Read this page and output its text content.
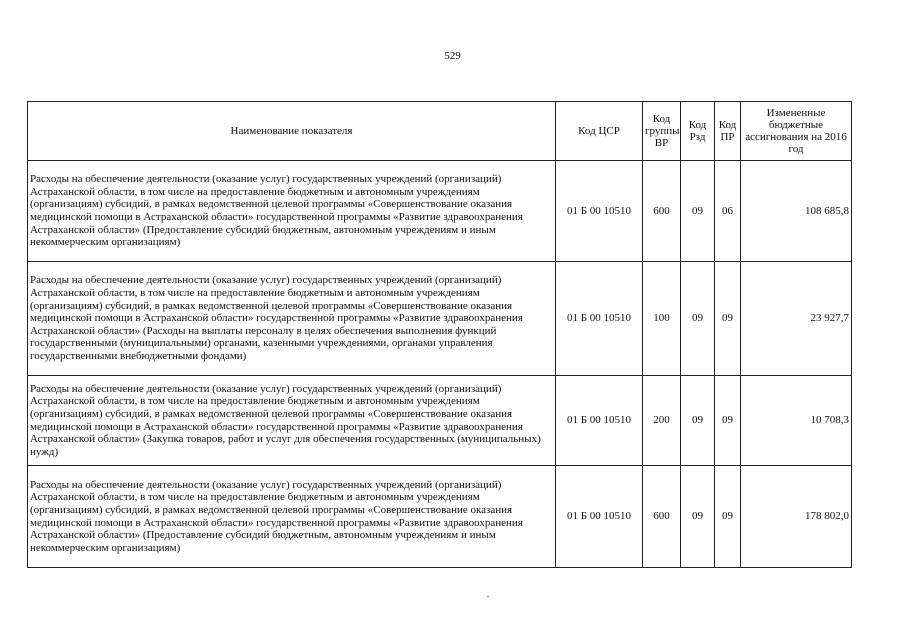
529
Наименование показателя	Код ЦСР	Код группы ВР	Код Рзд	Код ПР	Измененные бюджетные ассигнования на 2016 год
Расходы на обеспечение деятельности (оказание услуг) государственных учреждений (организаций) Астраханской области, в том числе на предоставление бюджетным и автономным учреждениям (организациям) субсидий, в рамках ведомственной целевой программы «Совершенствование оказания медицинской помощи в Астраханской области» государственной программы «Развитие здравоохранения Астраханской области» (Предоставление субсидий бюджетным, автономным учреждениям и иным некоммерческим организациям)	01 Б 00 10510	600	09	06	108 685,8
Расходы на обеспечение деятельности (оказание услуг) государственных учреждений (организаций) Астраханской области, в том числе на предоставление бюджетным и автономным учреждениям (организациям) субсидий, в рамках ведомственной целевой программы «Совершенствование оказания медицинской помощи в Астраханской области» государственной программы «Развитие здравоохранения Астраханской области» (Расходы на выплаты персоналу в целях обеспечения выполнения функций государственными (муниципальными) органами, казенными учреждениями, органами управления государственными внебюджетными фондами)	01 Б 00 10510	100	09	09	23 927,7
Расходы на обеспечение деятельности (оказание услуг) государственных учреждений (организаций) Астраханской области, в том числе на предоставление бюджетным и автономным учреждениям (организациям) субсидий, в рамках ведомственной целевой программы «Совершенствование оказания медицинской помощи в Астраханской области» государственной программы «Развитие здравоохранения Астраханской области» (Закупка товаров, работ и услуг для обеспечения государственных (муниципальных) нужд)	01 Б 00 10510	200	09	09	10 708,3
Расходы на обеспечение деятельности (оказание услуг) государственных учреждений (организаций) Астраханской области, в том числе на предоставление бюджетным и автономным учреждениям (организациям) субсидий, в рамках ведомственной целевой программы «Совершенствование оказания медицинской помощи в Астраханской области» государственной программы «Развитие здравоохранения Астраханской области» (Предоставление субсидий бюджетным, автономным учреждениям и иным некоммерческим организациям)	01 Б 00 10510	600	09	09	178 802,0
